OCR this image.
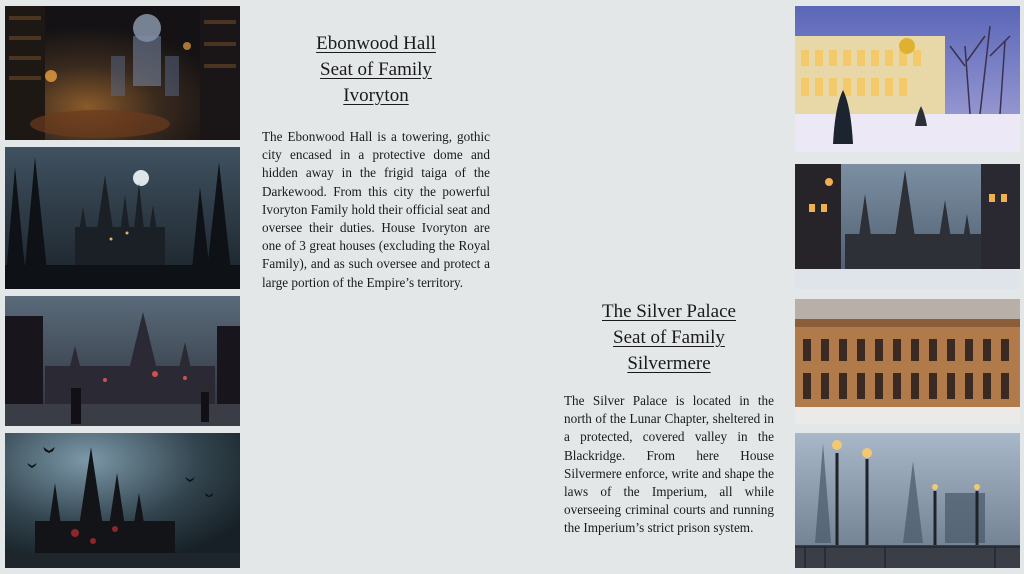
Ebonwood Hall
Seat of Family
Ivoryton
The Ebonwood Hall is a towering, gothic city encased in a protective dome and hidden away in the frigid taiga of the Darkewood. From this city the powerful Ivoryton Family hold their official seat and oversee their duties. House Ivoryton are one of 3 great houses (excluding the Royal Family), and as such oversee and protect a large portion of the Empire’s territory.
The Silver Palace
Seat of Family
Silvermere
The Silver Palace is located in the north of the Lunar Chapter, sheltered in a protected, covered valley in the Blackridge. From here House Silvermere enforce, write and shape the laws of the Imperium, all while overseeing criminal courts and running the Imperium’s strict prison system.
